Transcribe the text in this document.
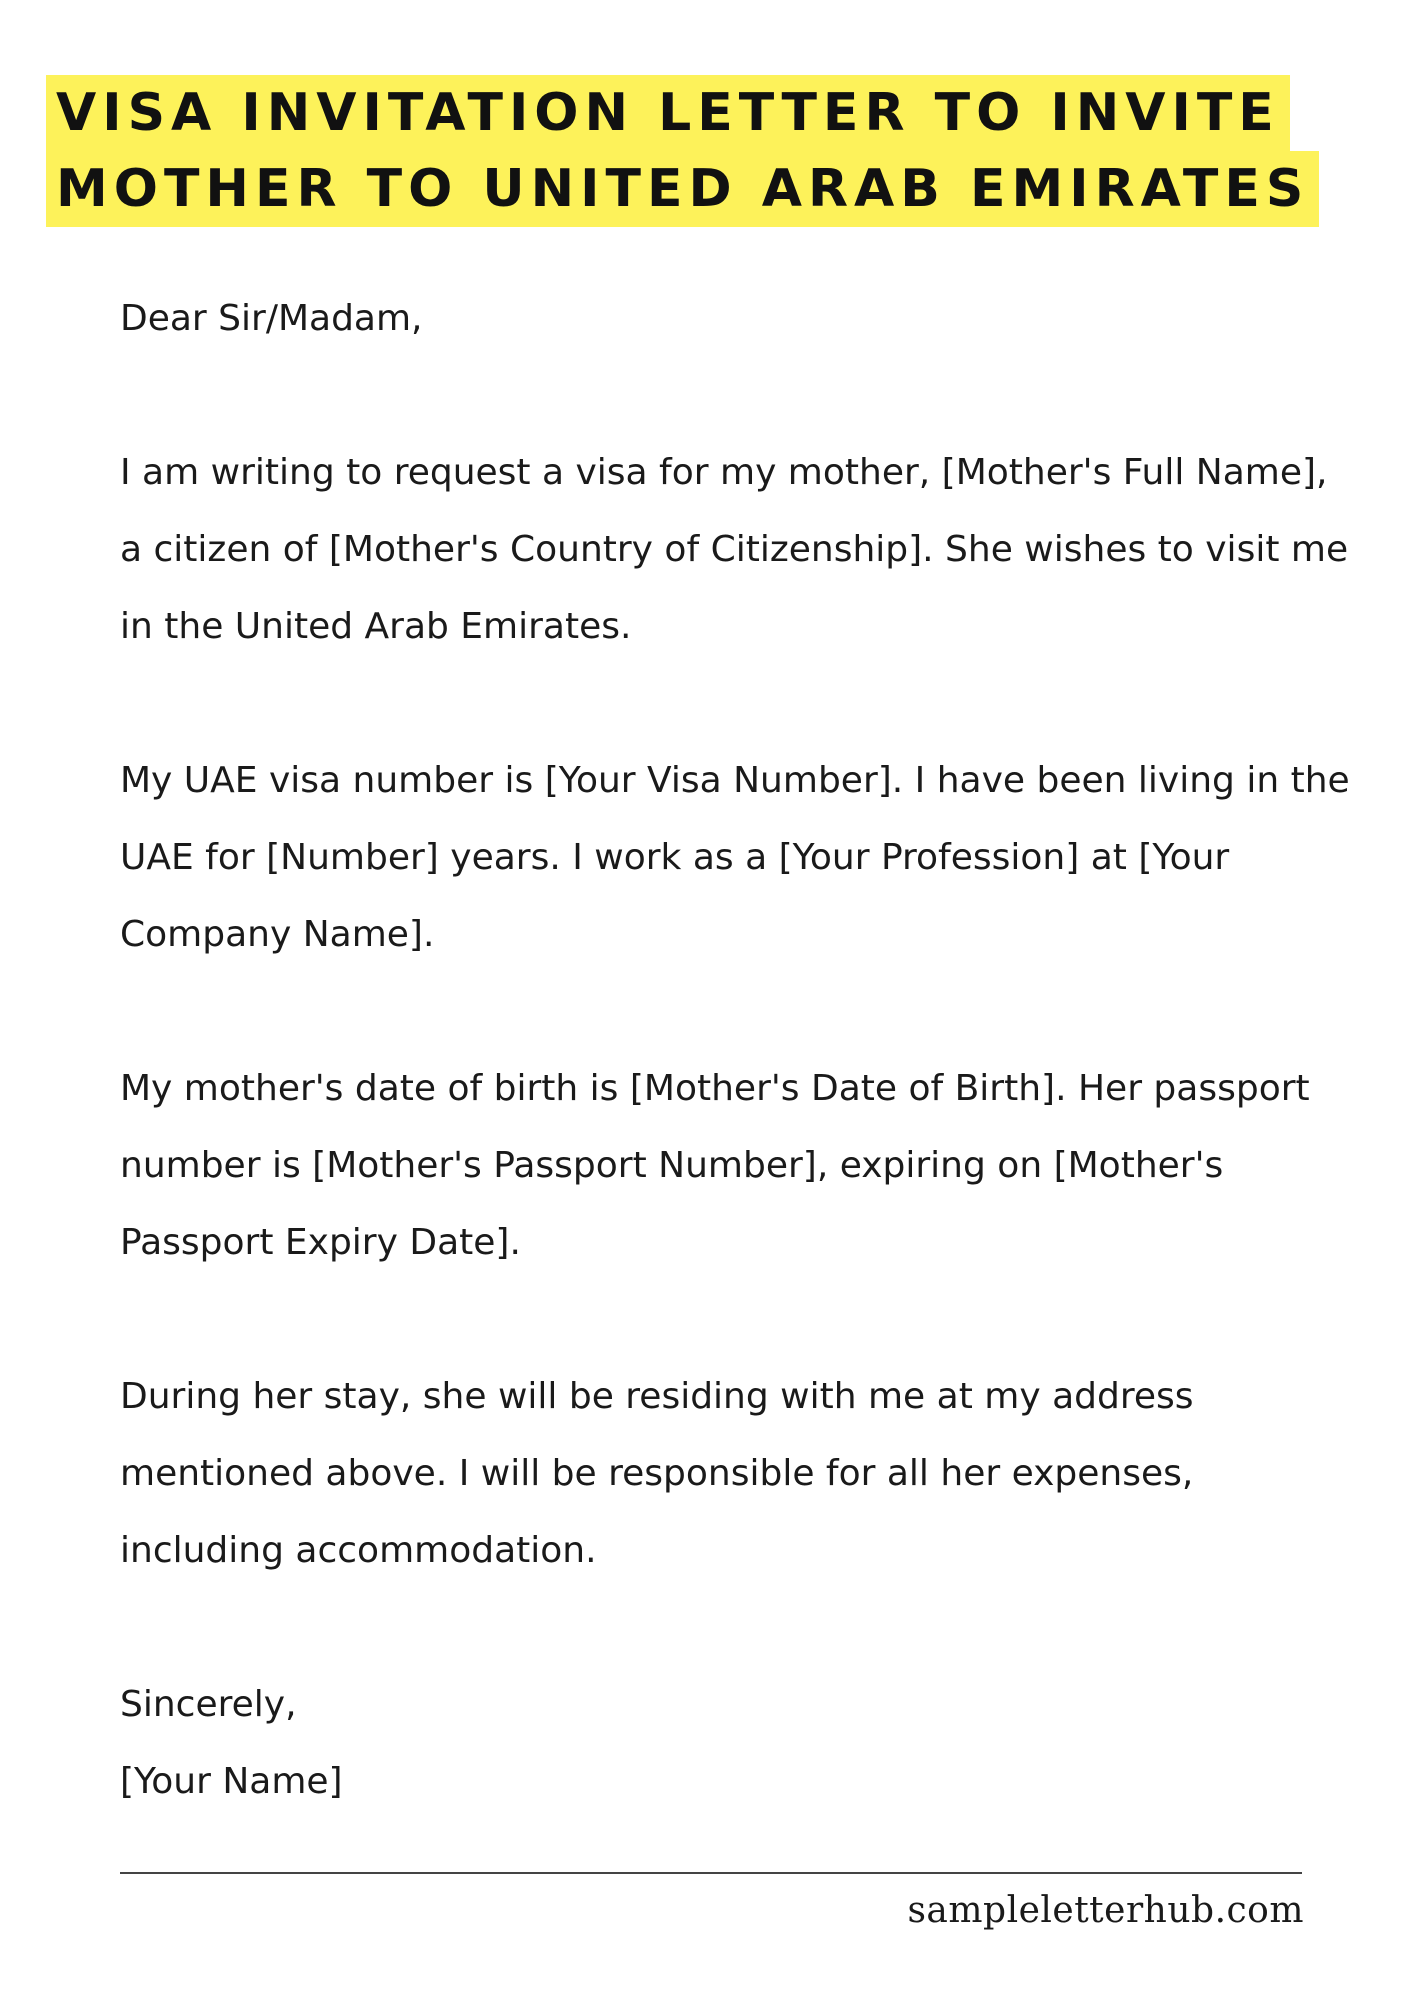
VISA INVITATION LETTER TO INVITE
MOTHER TO UNITED ARAB EMIRATES

Dear Sir/Madam,

I am writing to request a visa for my mother, [Mother's Full Name], a citizen of [Mother's Country of Citizenship]. She wishes to visit me in the United Arab Emirates.

My UAE visa number is [Your Visa Number]. I have been living in the UAE for [Number] years. I work as a [Your Profession] at [Your Company Name].

My mother's date of birth is [Mother's Date of Birth]. Her passport number is [Mother's Passport Number], expiring on [Mother's Passport Expiry Date].

During her stay, she will be residing with me at my address mentioned above. I will be responsible for all her expenses, including accommodation.

Sincerely,

[Your Name]

sampleletterhub.com
